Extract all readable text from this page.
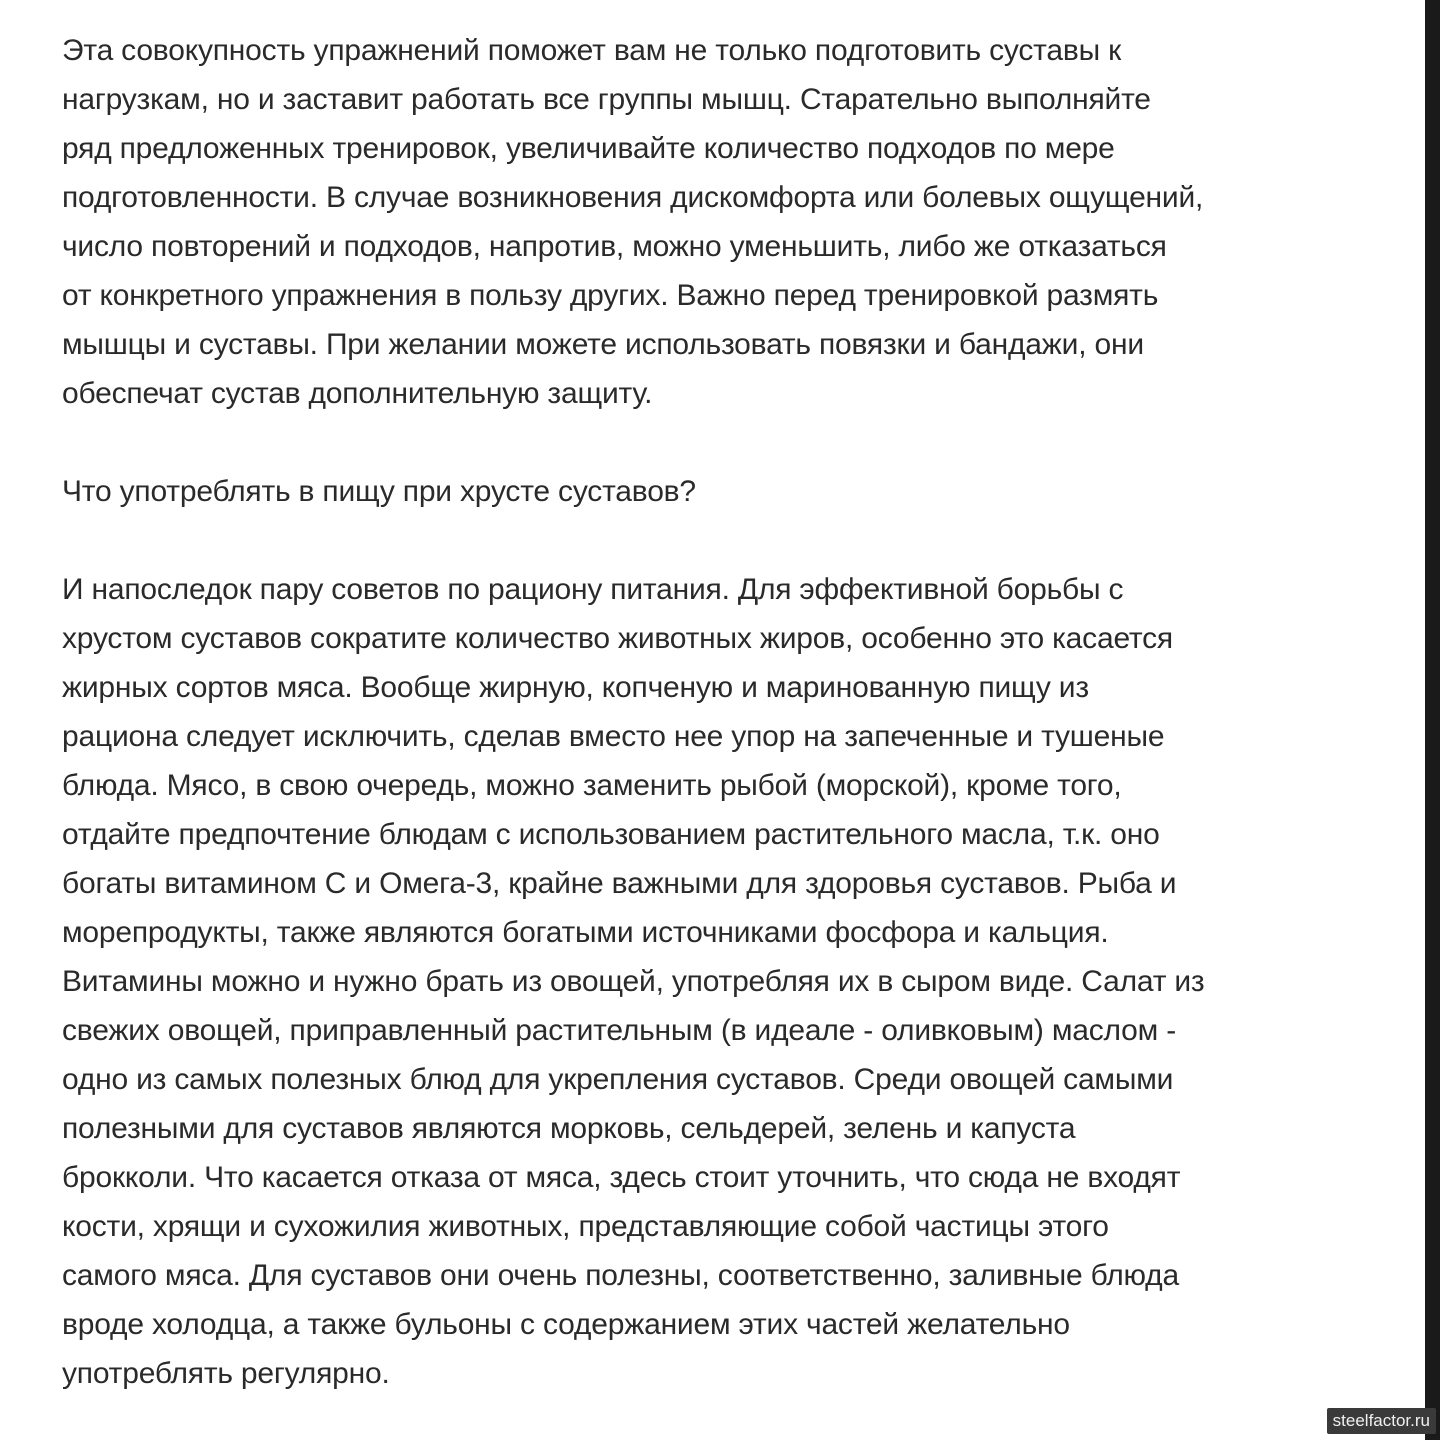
Эта совокупность упражнений поможет вам не только подготовить суставы к
нагрузкам, но и заставит работать все группы мышц. Старательно выполняйте
ряд предложенных тренировок, увеличивайте количество подходов по мере
подготовленности. В случае возникновения дискомфорта или болевых ощущений,
число повторений и подходов, напротив, можно уменьшить, либо же отказаться
от конкретного упражнения в пользу других. Важно перед тренировкой размять
мышцы и суставы. При желании можете использовать повязки и бандажи, они
обеспечат сустав дополнительную защиту.
Что употреблять в пищу при хрусте суставов?
И напоследок пару советов по рациону питания. Для эффективной борьбы с
хрустом суставов сократите количество животных жиров, особенно это касается
жирных сортов мяса. Вообще жирную, копченую и маринованную пищу из
рациона следует исключить, сделав вместо нее упор на запеченные и тушеные
блюда. Мясо, в свою очередь, можно заменить рыбой (морской), кроме того,
отдайте предпочтение блюдам с использованием растительного масла, т.к. оно
богаты витамином С и Омега-3, крайне важными для здоровья суставов. Рыба и
морепродукты, также являются богатыми источниками фосфора и кальция.
Витамины можно и нужно брать из овощей, употребляя их в сыром виде. Салат из
свежих овощей, приправленный растительным (в идеале - оливковым) маслом -
одно из самых полезных блюд для укрепления суставов. Среди овощей самыми
полезными для суставов являются морковь, сельдерей, зелень и капуста
брокколи. Что касается отказа от мяса, здесь стоит уточнить, что сюда не входят
кости, хрящи и сухожилия животных, представляющие собой частицы этого
самого мяса. Для суставов они очень полезны, соответственно, заливные блюда
вроде холодца, а также бульоны с содержанием этих частей желательно
употреблять регулярно.
steelfactor.ru
